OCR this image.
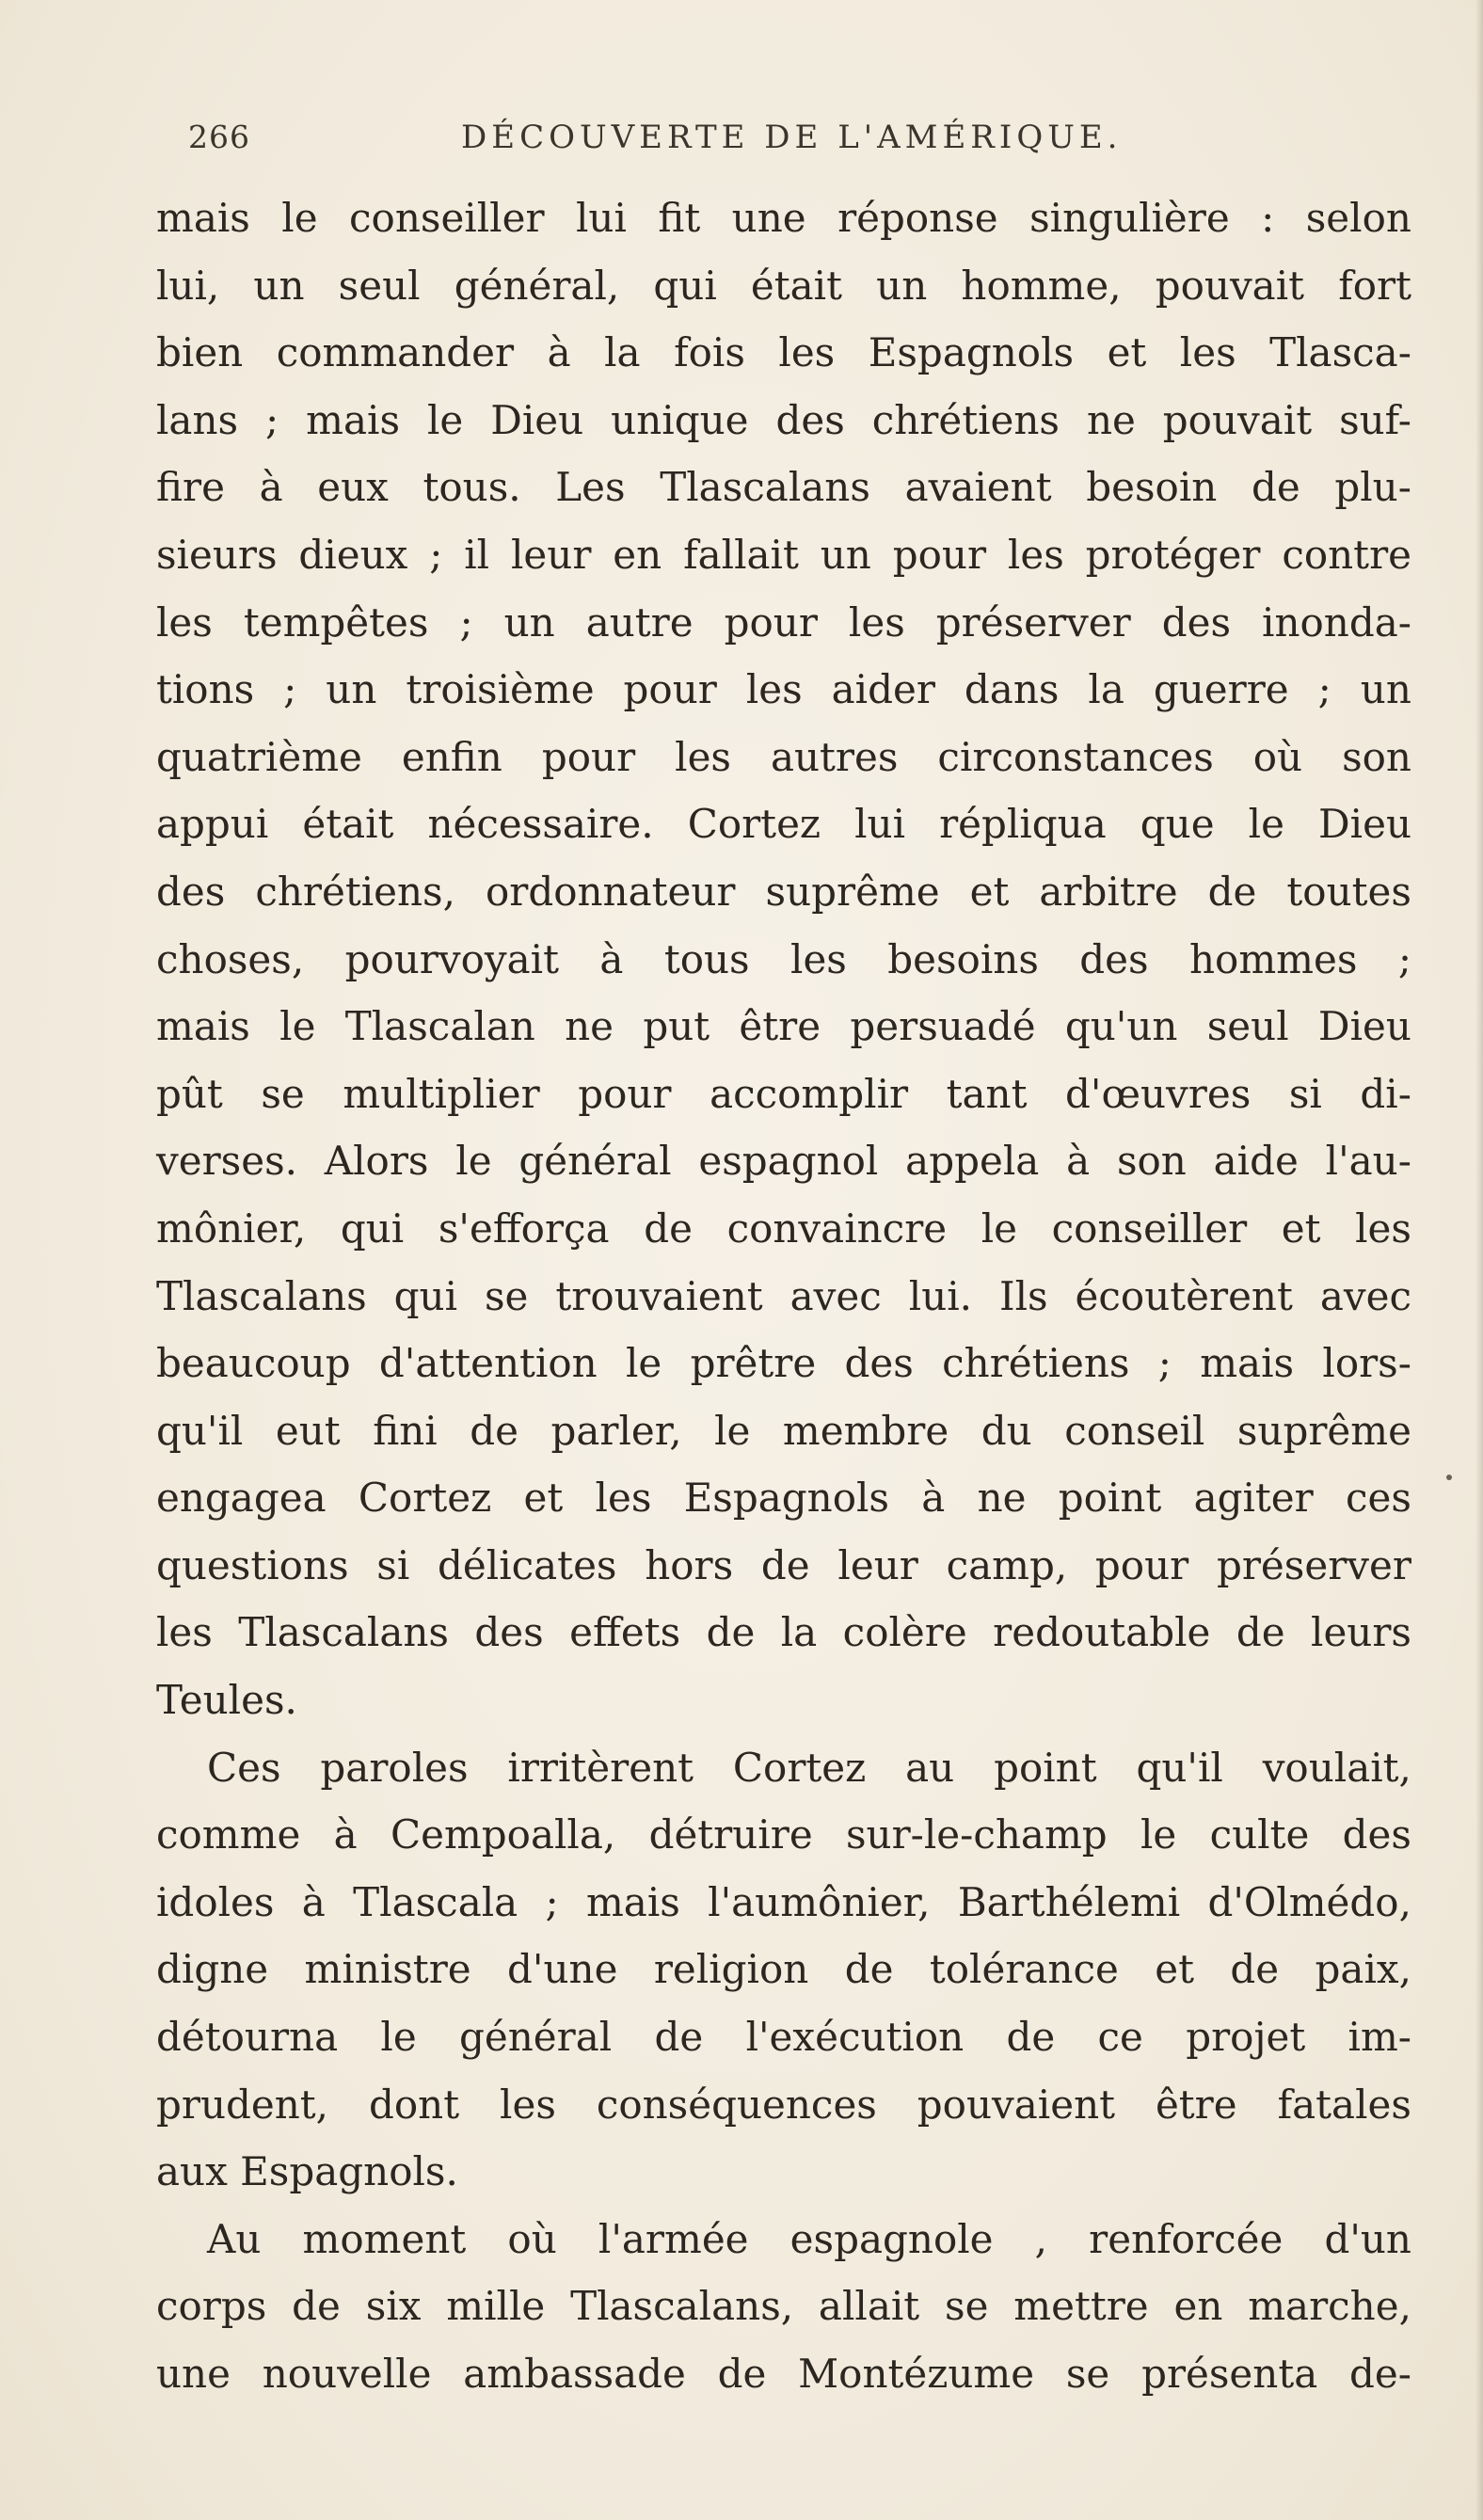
266	DÉCOUVERTE DE L'AMÉRIQUE.
mais le conseiller lui fit une réponse singulière : selon
lui, un seul général, qui était un homme, pouvait fort
bien commander à la fois les Espagnols et les Tlasca-
lans ; mais le Dieu unique des chrétiens ne pouvait suf-
fire à eux tous. Les Tlascalans avaient besoin de plu-
sieurs dieux ; il leur en fallait un pour les protéger contre
les tempêtes ; un autre pour les préserver des inonda-
tions ; un troisième pour les aider dans la guerre ; un
quatrième enfin pour les autres circonstances où son
appui était nécessaire. Cortez lui répliqua que le Dieu
des chrétiens, ordonnateur suprême et arbitre de toutes
choses, pourvoyait à tous les besoins des hommes ;
mais le Tlascalan ne put être persuadé qu'un seul Dieu
pût se multiplier pour accomplir tant d'œuvres si di-
verses. Alors le général espagnol appela à son aide l'au-
mônier, qui s'efforça de convaincre le conseiller et les
Tlascalans qui se trouvaient avec lui. Ils écoutèrent avec
beaucoup d'attention le prêtre des chrétiens ; mais lors-
qu'il eut fini de parler, le membre du conseil suprême
engagea Cortez et les Espagnols à ne point agiter ces
questions si délicates hors de leur camp, pour préserver
les Tlascalans des effets de la colère redoutable de leurs
Teules.
Ces paroles irritèrent Cortez au point qu'il voulait,
comme à Cempoalla, détruire sur-le-champ le culte des
idoles à Tlascala ; mais l'aumônier, Barthélemi d'Olmédo,
digne ministre d'une religion de tolérance et de paix,
détourna le général de l'exécution de ce projet im-
prudent, dont les conséquences pouvaient être fatales
aux Espagnols.
Au moment où l'armée espagnole , renforcée d'un
corps de six mille Tlascalans, allait se mettre en marche,
une nouvelle ambassade de Montézume se présenta de-
